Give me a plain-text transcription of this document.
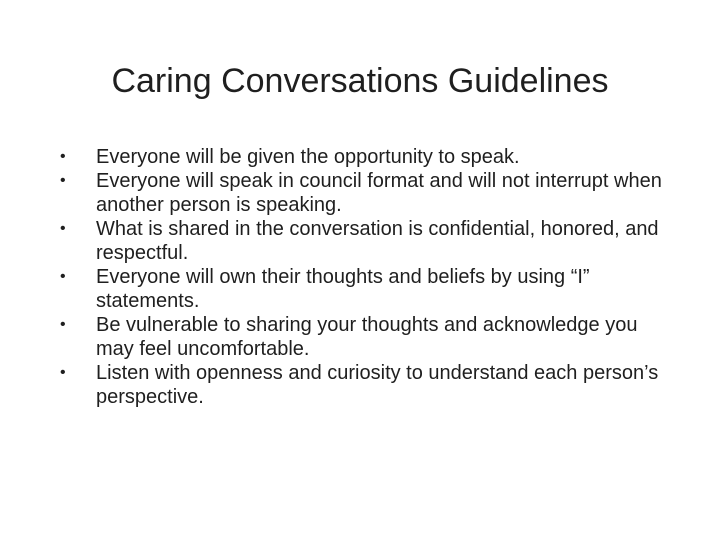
Caring Conversations Guidelines
•	Everyone will be given the opportunity to speak.
•	Everyone will speak in council format and will not interrupt when another person is speaking.
•	What is shared in the conversation is confidential, honored, and respectful.
•	Everyone will own their thoughts and beliefs by using “I” statements.
•	Be vulnerable to sharing your thoughts and acknowledge you may feel uncomfortable.
•	Listen with openness and curiosity to understand each person’s perspective.
